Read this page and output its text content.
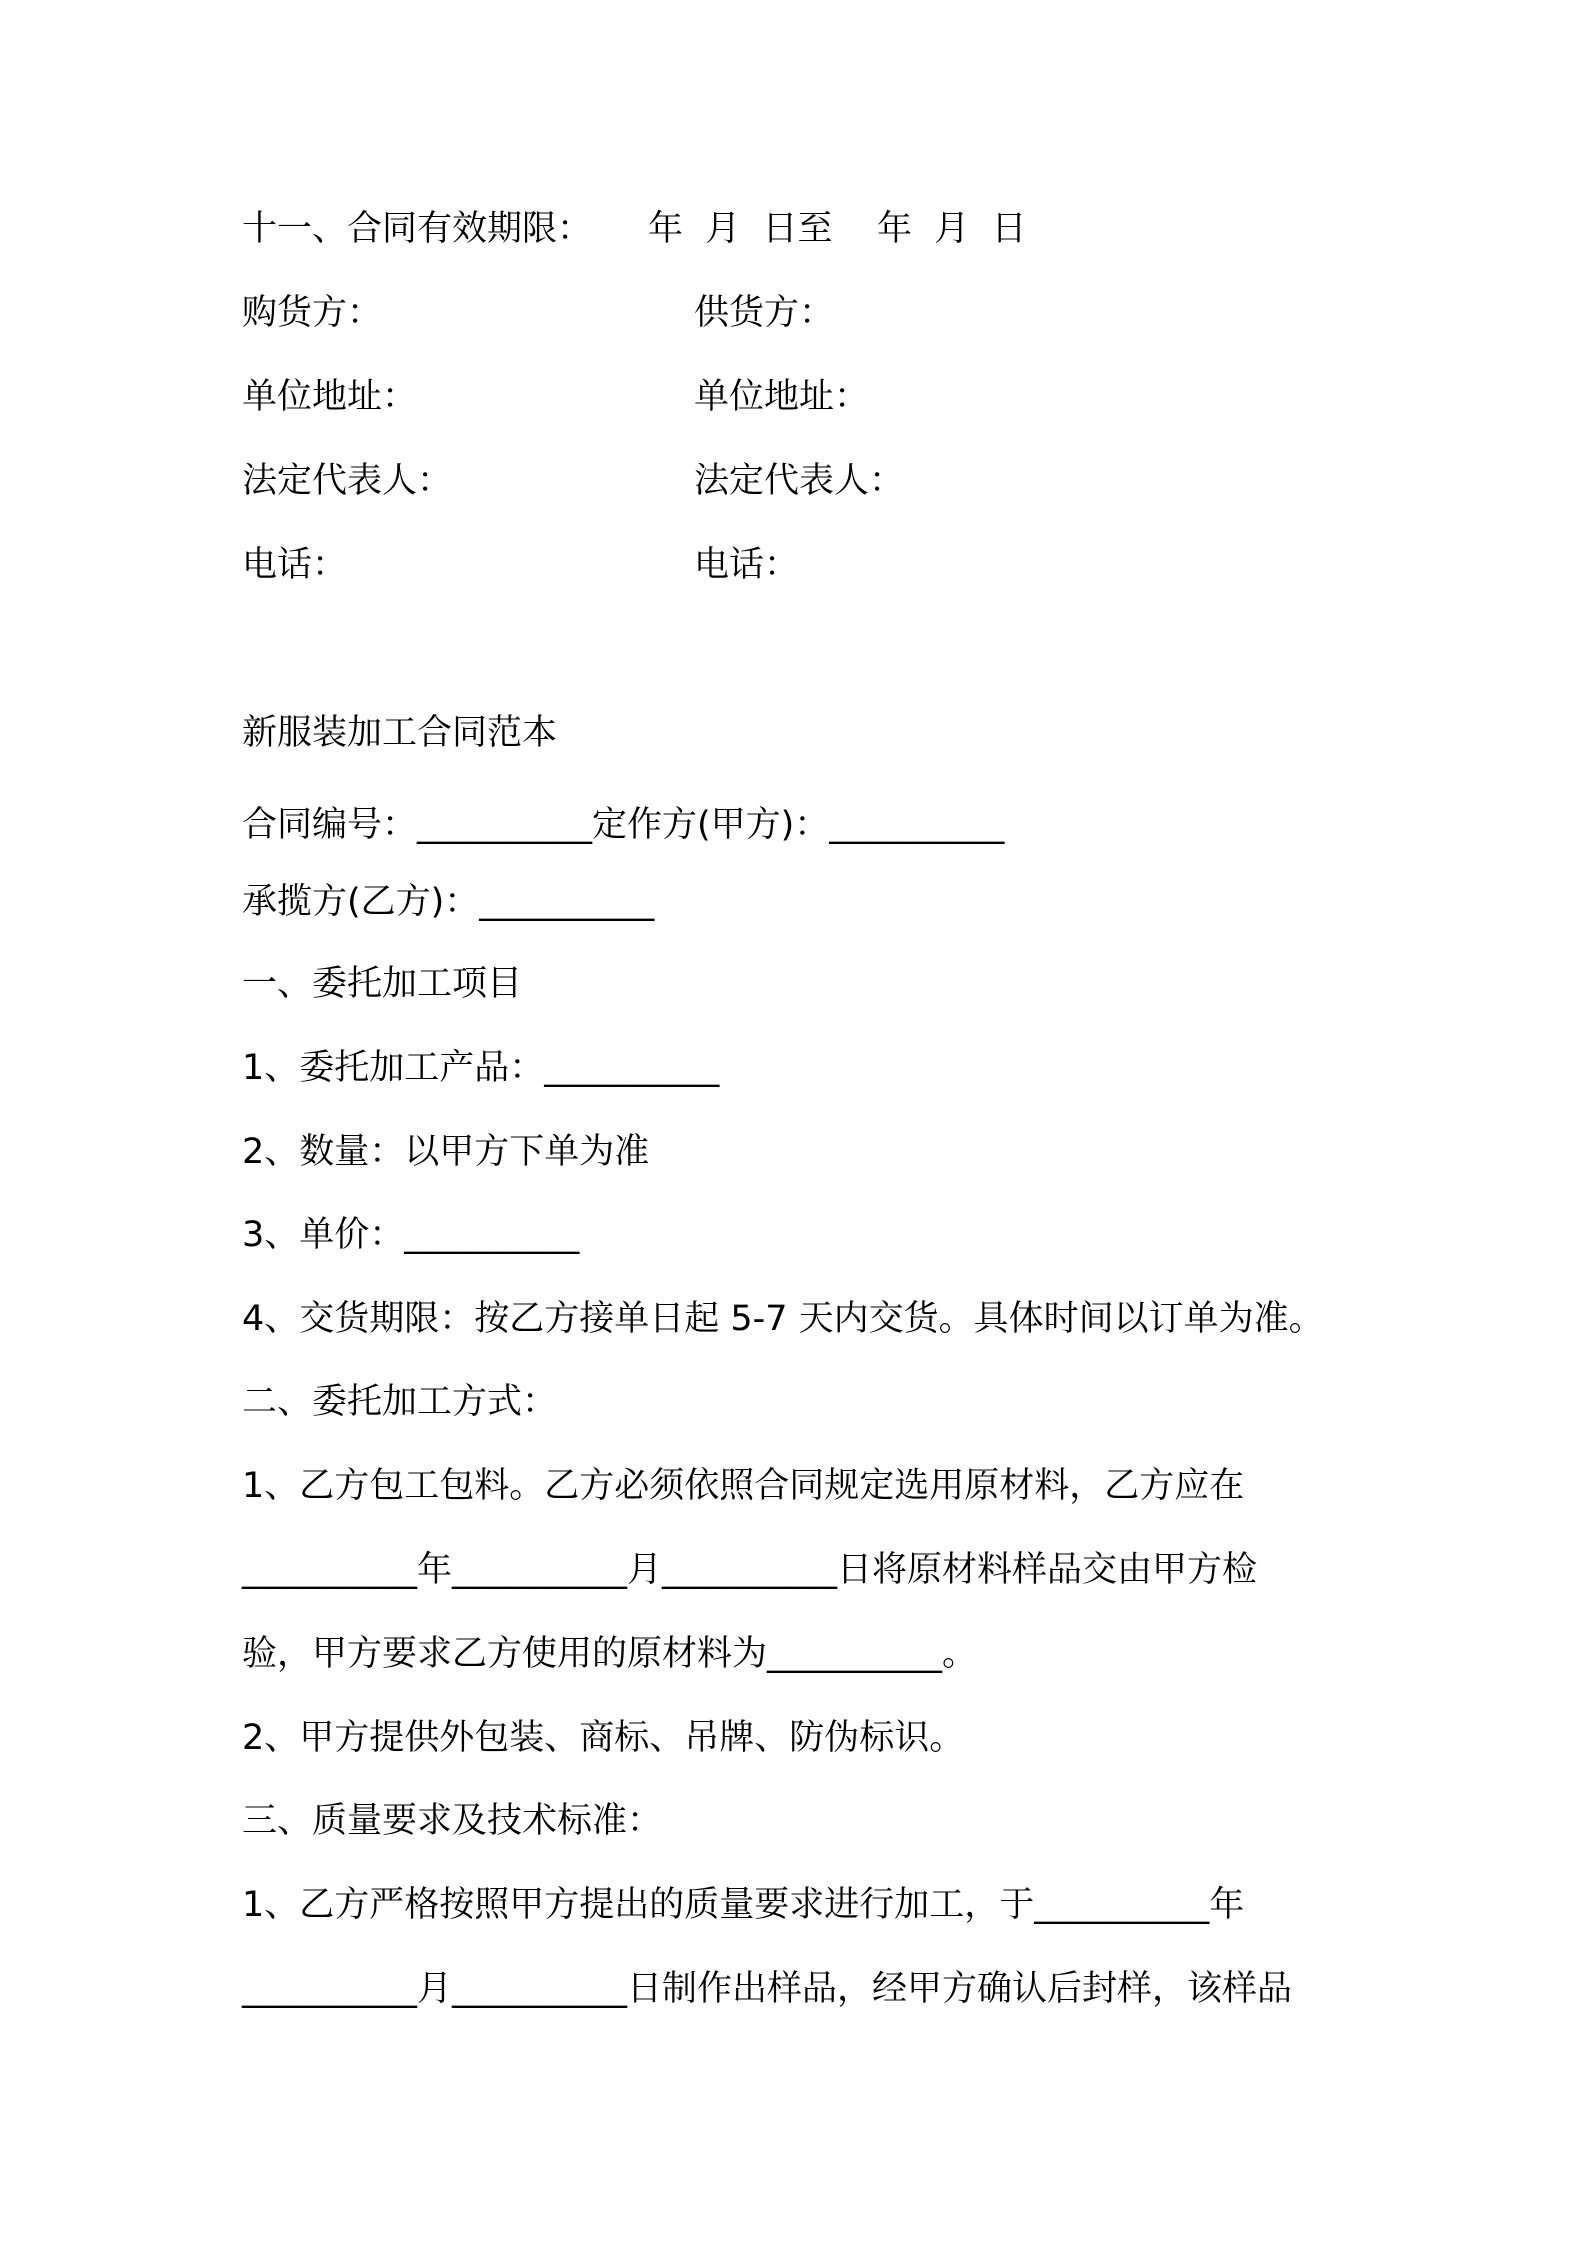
十一、合同有效期限： 年  月  日至    年  月  日
购货方：	供货方：
单位地址：	单位地址：
法定代表人：	法定代表人：
电话：	电话：
新服装加工合同范本
合同编号：__________定作方(甲方)：__________
承揽方(乙方)：__________
一、委托加工项目
1、委托加工产品：__________
2、数量：以甲方下单为准
3、单价：__________
4、交货期限：按乙方接单日起 5-7 天内交货。具体时间以订单为准。
二、委托加工方式：
1、乙方包工包料。乙方必须依照合同规定选用原材料，乙方应在
__________年__________月__________日将原材料样品交由甲方检
验，甲方要求乙方使用的原材料为__________。
2、甲方提供外包装、商标、吊牌、防伪标识。
三、质量要求及技术标准：
1、乙方严格按照甲方提出的质量要求进行加工，于__________年
__________月__________日制作出样品，经甲方确认后封样，该样品
